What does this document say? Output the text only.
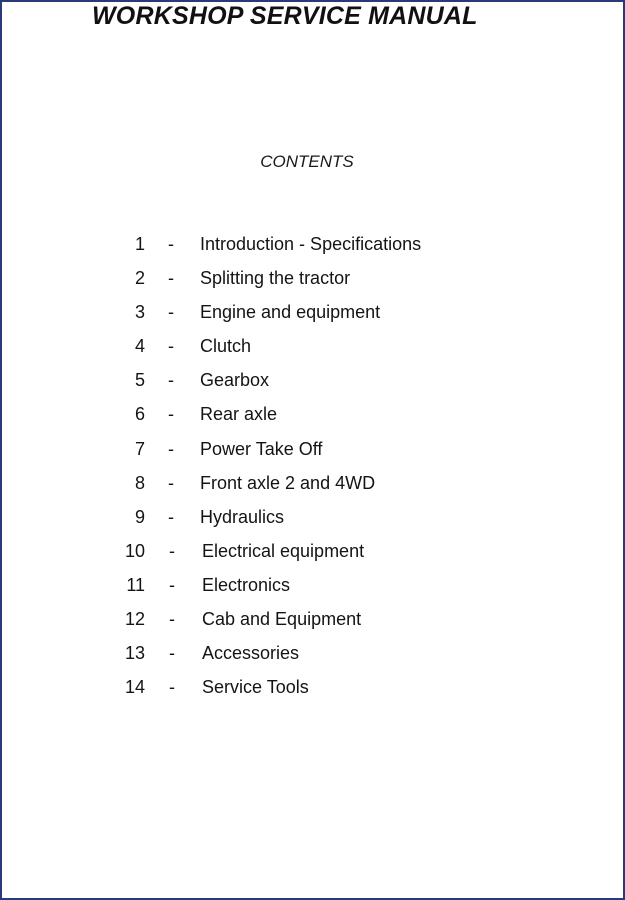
WORKSHOP SERVICE MANUAL
CONTENTS
1 - Introduction - Specifications
2 - Splitting the tractor
3 - Engine and equipment
4 - Clutch
5 - Gearbox
6 - Rear axle
7 - Power Take Off
8 - Front axle 2 and 4WD
9 - Hydraulics
10 - Electrical equipment
11 - Electronics
12 - Cab and Equipment
13 - Accessories
14 - Service Tools
